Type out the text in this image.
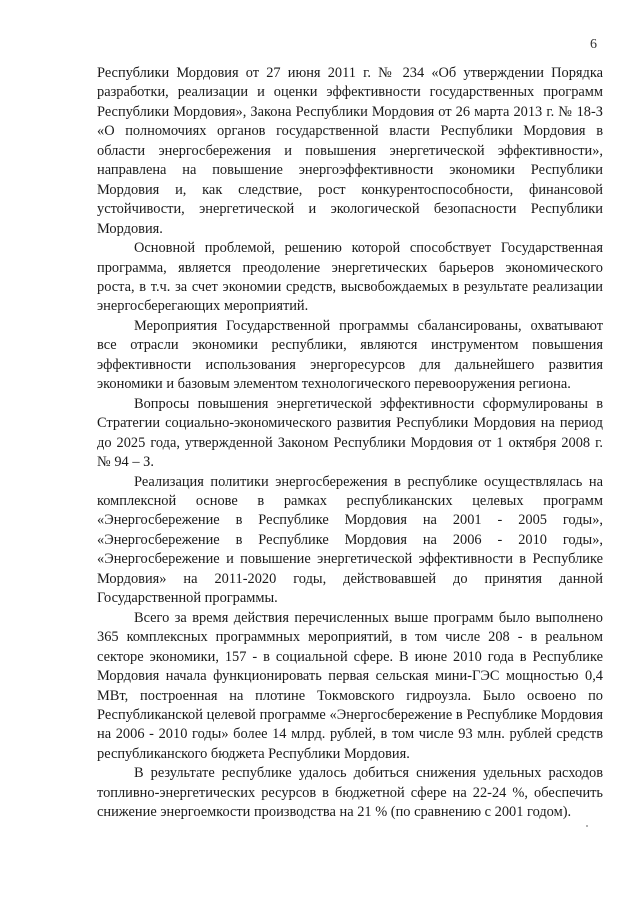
6

Республики Мордовия от 27 июня 2011 г. № 234 «Об утверждении Порядка разработки, реализации и оценки эффективности государственных программ Республики Мордовия», Закона Республики Мордовия от 26 марта 2013 г. № 18-З «О полномочиях органов государственной власти Республики Мордовия в области энергосбережения и повышения энергетической эффективности», направлена на повышение энергоэффективности экономики Республики Мордовия и, как следствие, рост конкурентоспособности, финансовой устойчивости, энергетической и экологической безопасности Республики Мордовия.

Основной проблемой, решению которой способствует Государственная программа, является преодоление энергетических барьеров экономического роста, в т.ч. за счет экономии средств, высвобождаемых в результате реализации энергосберегающих мероприятий.

Мероприятия Государственной программы сбалансированы, охватывают все отрасли экономики республики, являются инструментом повышения эффективности использования энергоресурсов для дальнейшего развития экономики и базовым элементом технологического перевооружения региона.

Вопросы повышения энергетической эффективности сформулированы в Стратегии социально-экономического развития Республики Мордовия на период до 2025 года, утвержденной Законом Республики Мордовия от 1 октября 2008 г. № 94 – З.

Реализация политики энергосбережения в республике осуществлялась на комплексной основе в рамках республиканских целевых программ «Энергосбережение в Республике Мордовия на 2001 - 2005 годы», «Энергосбережение в Республике Мордовия на 2006 - 2010 годы», «Энергосбережение и повышение энергетической эффективности в Республике Мордовия» на 2011-2020 годы, действовавшей до принятия данной Государственной программы.

Всего за время действия перечисленных выше программ было выполнено 365 комплексных программных мероприятий, в том числе 208 - в реальном секторе экономики, 157 - в социальной сфере. В июне 2010 года в Республике Мордовия начала функционировать первая сельская мини-ГЭС мощностью 0,4 МВт, построенная на плотине Токмовского гидроузла. Было освоено по Республиканской целевой программе «Энергосбережение в Республике Мордовия на 2006 - 2010 годы» более 14 млрд. рублей, в том числе 93 млн. рублей средств республиканского бюджета Республики Мордовия.

В результате республике удалось добиться снижения удельных расходов топливно-энергетических ресурсов в бюджетной сфере на 22-24 %, обеспечить снижение энергоемкости производства на 21 % (по сравнению с 2001 годом).
